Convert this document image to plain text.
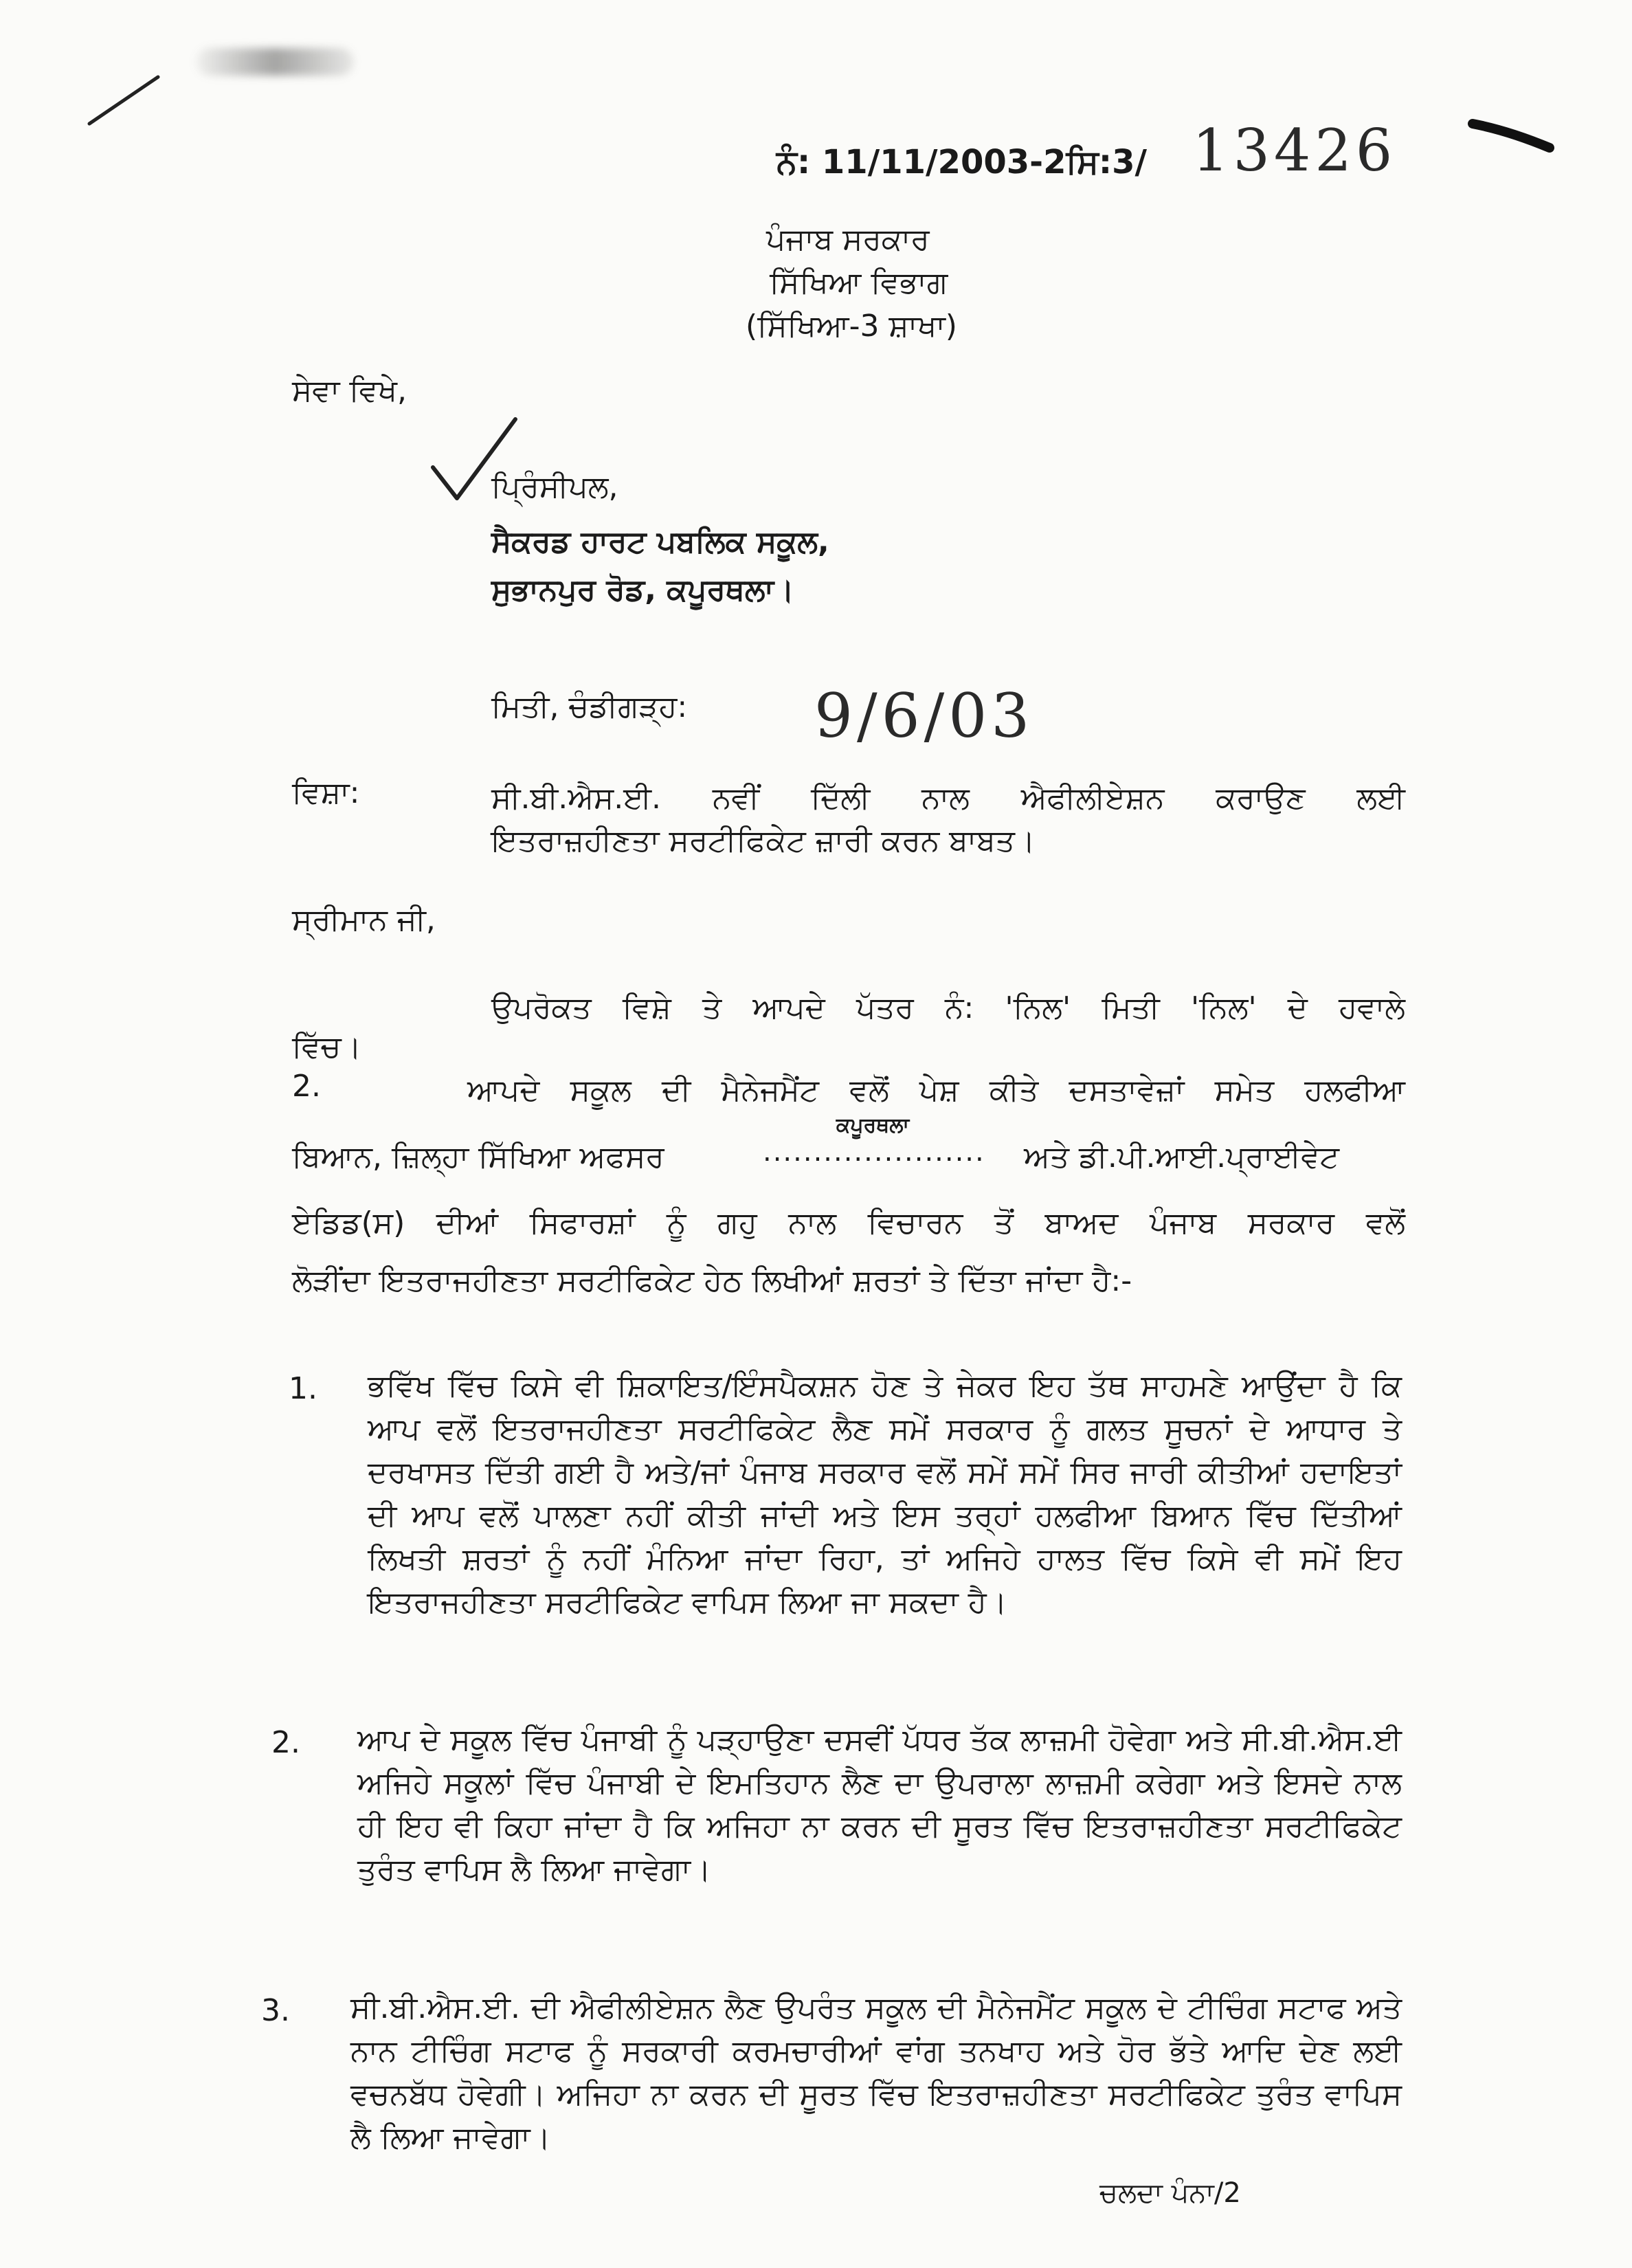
ਨੰ: 11/11/2003-2ਸਿ:3/ 13426
ਪੰਜਾਬ ਸਰਕਾਰ
ਸਿੱਖਿਆ ਵਿਭਾਗ
(ਸਿੱਖਿਆ-3 ਸ਼ਾਖਾ)
ਸੇਵਾ ਵਿਖੇ,
ਪ੍ਰਿੰਸੀਪਲ,
ਸੈਕਰਡ ਹਾਰਟ ਪਬਲਿਕ ਸਕੂਲ,
ਸੁਭਾਨਪੁਰ ਰੋਡ, ਕਪੂਰਥਲਾ।
ਮਿਤੀ, ਚੰਡੀਗੜ੍ਹ: 9/6/03
ਵਿਸ਼ਾ:	ਸੀ.ਬੀ.ਐਸ.ਈ. ਨਵੀਂ ਦਿੱਲੀ ਨਾਲ ਐਫੀਲੀਏਸ਼ਨ ਕਰਾਉਣ ਲਈ
ਇਤਰਾਜ਼ਹੀਣਤਾ ਸਰਟੀਫਿਕੇਟ ਜ਼ਾਰੀ ਕਰਨ ਬਾਬਤ।
ਸ੍ਰੀਮਾਨ ਜੀ,
ਉਪਰੋਕਤ ਵਿਸ਼ੇ ਤੇ ਆਪਦੇ ਪੱਤਰ ਨੰ: 'ਨਿਲ' ਮਿਤੀ 'ਨਿਲ' ਦੇ ਹਵਾਲੇ
ਵਿੱਚ।
2.	ਆਪਦੇ ਸਕੂਲ ਦੀ ਮੈਨੇਜਮੈਂਟ ਵਲੋਂ ਪੇਸ਼ ਕੀਤੇ ਦਸਤਾਵੇਜ਼ਾਂ ਸਮੇਤ ਹਲਫੀਆ
ਬਿਆਨ, ਜ਼ਿਲ੍ਹਾ ਸਿੱਖਿਆ ਅਫਸਰ
ਕਪੂਰਥਲਾ
...................... ਅਤੇ ਡੀ.ਪੀ.ਆਈ.ਪ੍ਰਾਈਵੇਟ
ਏਡਿਡ(ਸ) ਦੀਆਂ ਸਿਫਾਰਸ਼ਾਂ ਨੂੰ ਗਹੁ ਨਾਲ ਵਿਚਾਰਨ ਤੋਂ ਬਾਅਦ ਪੰਜਾਬ ਸਰਕਾਰ ਵਲੋਂ
ਲੋੜੀਂਦਾ ਇਤਰਾਜਹੀਣਤਾ ਸਰਟੀਫਿਕੇਟ ਹੇਠ ਲਿਖੀਆਂ ਸ਼ਰਤਾਂ ਤੇ ਦਿੱਤਾ ਜਾਂਦਾ ਹੈ:-
1. ਭਵਿੱਖ ਵਿੱਚ ਕਿਸੇ ਵੀ ਸ਼ਿਕਾਇਤ/ਇੰਸਪੈਕਸ਼ਨ ਹੋਣ ਤੇ ਜੇਕਰ ਇਹ ਤੱਥ ਸਾਹਮਣੇ ਆਉਂਦਾ ਹੈ ਕਿ ਆਪ ਵਲੋਂ ਇਤਰਾਜਹੀਣਤਾ ਸਰਟੀਫਿਕੇਟ ਲੈਣ ਸਮੇਂ ਸਰਕਾਰ ਨੂੰ ਗਲਤ ਸੂਚਨਾਂ ਦੇ ਆਧਾਰ ਤੇ ਦਰਖਾਸਤ ਦਿੱਤੀ ਗਈ ਹੈ ਅਤੇ/ਜਾਂ ਪੰਜਾਬ ਸਰਕਾਰ ਵਲੋਂ ਸਮੇਂ ਸਮੇਂ ਸਿਰ ਜਾਰੀ ਕੀਤੀਆਂ ਹਦਾਇਤਾਂ ਦੀ ਆਪ ਵਲੋਂ ਪਾਲਣਾ ਨਹੀਂ ਕੀਤੀ ਜਾਂਦੀ ਅਤੇ ਇਸ ਤਰ੍ਹਾਂ ਹਲਫੀਆ ਬਿਆਨ ਵਿੱਚ ਦਿੱਤੀਆਂ ਲਿਖਤੀ ਸ਼ਰਤਾਂ ਨੂੰ ਨਹੀਂ ਮੰਨਿਆ ਜਾਂਦਾ ਰਿਹਾ, ਤਾਂ ਅਜਿਹੇ ਹਾਲਤ ਵਿੱਚ ਕਿਸੇ ਵੀ ਸਮੇਂ ਇਹ ਇਤਰਾਜਹੀਣਤਾ ਸਰਟੀਫਿਕੇਟ ਵਾਪਿਸ ਲਿਆ ਜਾ ਸਕਦਾ ਹੈ।
2. ਆਪ ਦੇ ਸਕੂਲ ਵਿੱਚ ਪੰਜਾਬੀ ਨੂੰ ਪੜ੍ਹਾਉਣਾ ਦਸਵੀਂ ਪੱਧਰ ਤੱਕ ਲਾਜ਼ਮੀ ਹੋਵੇਗਾ ਅਤੇ ਸੀ.ਬੀ.ਐਸ.ਈ ਅਜਿਹੇ ਸਕੂਲਾਂ ਵਿੱਚ ਪੰਜਾਬੀ ਦੇ ਇਮਤਿਹਾਨ ਲੈਣ ਦਾ ਉਪਰਾਲਾ ਲਾਜ਼ਮੀ ਕਰੇਗਾ ਅਤੇ ਇਸਦੇ ਨਾਲ ਹੀ ਇਹ ਵੀ ਕਿਹਾ ਜਾਂਦਾ ਹੈ ਕਿ ਅਜਿਹਾ ਨਾ ਕਰਨ ਦੀ ਸੂਰਤ ਵਿੱਚ ਇਤਰਾਜ਼ਹੀਣਤਾ ਸਰਟੀਫਿਕੇਟ ਤੁਰੰਤ ਵਾਪਿਸ ਲੈ ਲਿਆ ਜਾਵੇਗਾ।
3. ਸੀ.ਬੀ.ਐਸ.ਈ. ਦੀ ਐਫੀਲੀਏਸ਼ਨ ਲੈਣ ਉਪਰੰਤ ਸਕੂਲ ਦੀ ਮੈਨੇਜਮੈਂਟ ਸਕੂਲ ਦੇ ਟੀਚਿੰਗ ਸਟਾਫ ਅਤੇ ਨਾਨ ਟੀਚਿੰਗ ਸਟਾਫ ਨੂੰ ਸਰਕਾਰੀ ਕਰਮਚਾਰੀਆਂ ਵਾਂਗ ਤਨਖਾਹ ਅਤੇ ਹੋਰ ਭੱਤੇ ਆਦਿ ਦੇਣ ਲਈ ਵਚਨਬੱਧ ਹੋਵੇਗੀ। ਅਜਿਹਾ ਨਾ ਕਰਨ ਦੀ ਸੂਰਤ ਵਿੱਚ ਇਤਰਾਜ਼ਹੀਣਤਾ ਸਰਟੀਫਿਕੇਟ ਤੁਰੰਤ ਵਾਪਿਸ ਲੈ ਲਿਆ ਜਾਵੇਗਾ।
ਚਲਦਾ ਪੰਨਾ/2
